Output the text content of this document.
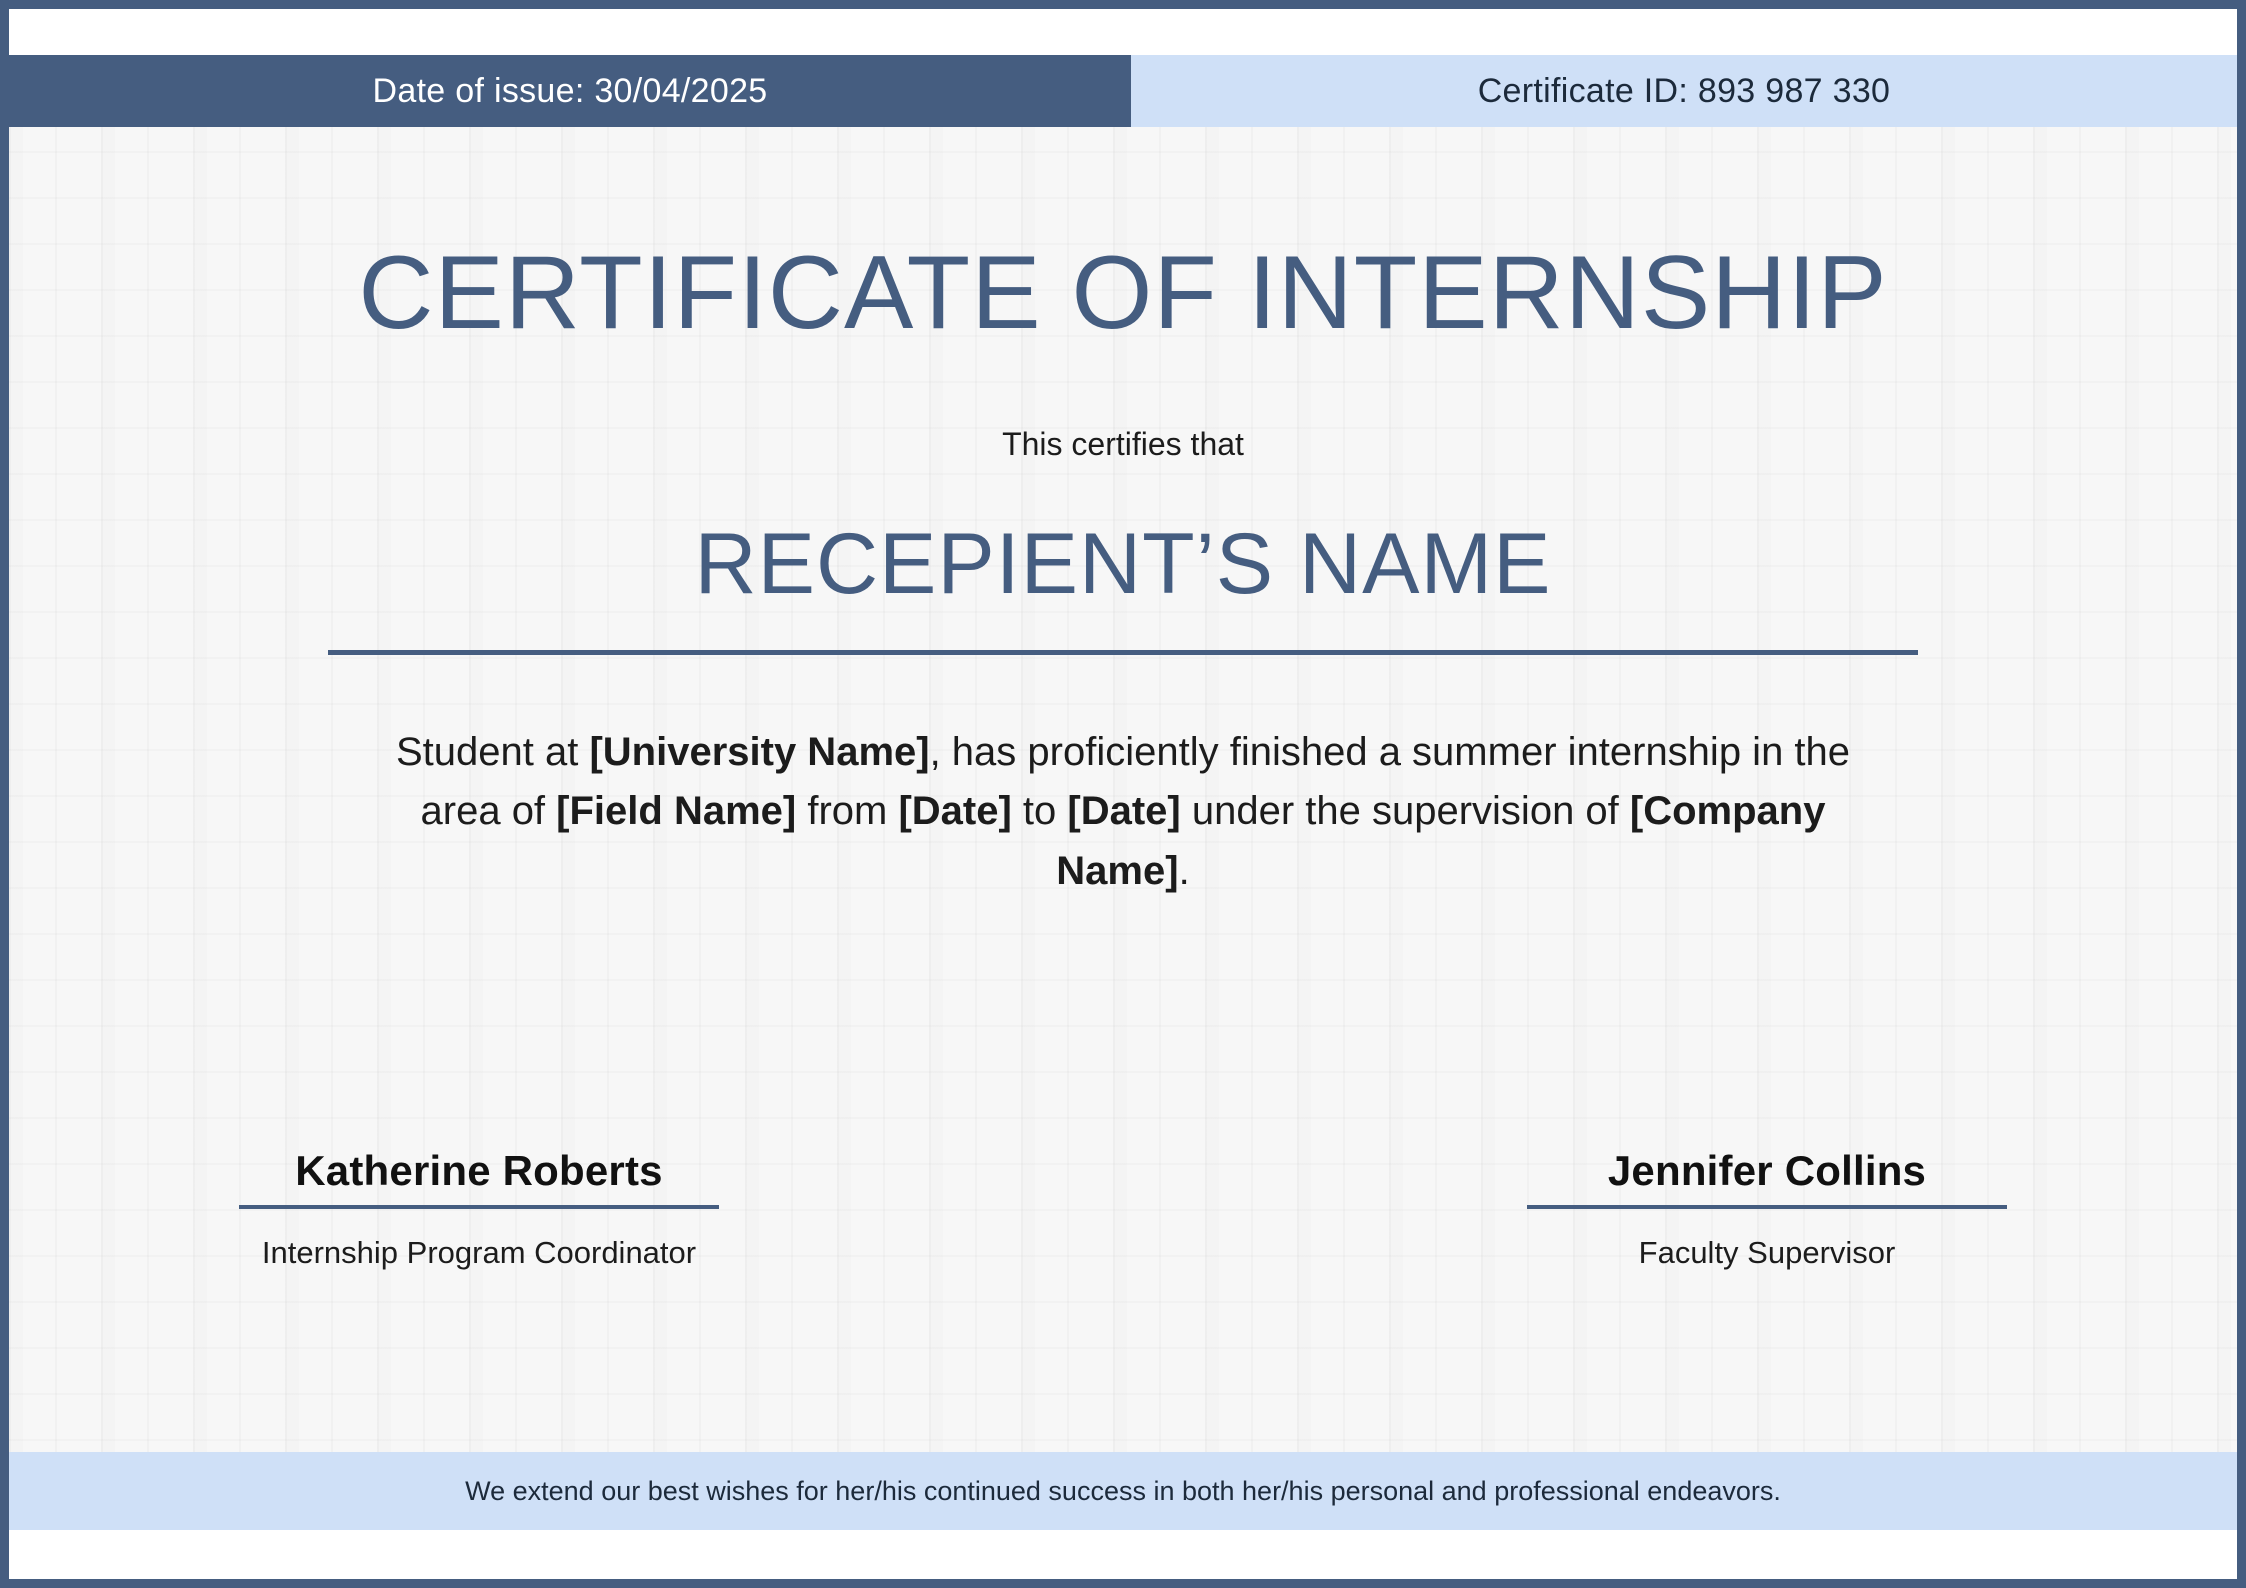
Date of issue: 30/04/2025	Certificate ID: 893 987 330
CERTIFICATE OF INTERNSHIP
This certifies that
RECEPIENT’S NAME
Student at [University Name], has proficiently finished a summer internship in the area of [Field Name] from [Date] to [Date] under the supervision of [Company Name].
Katherine Roberts
Internship Program Coordinator
Jennifer Collins
Faculty Supervisor
We extend our best wishes for her/his continued success in both her/his personal and professional endeavors.
